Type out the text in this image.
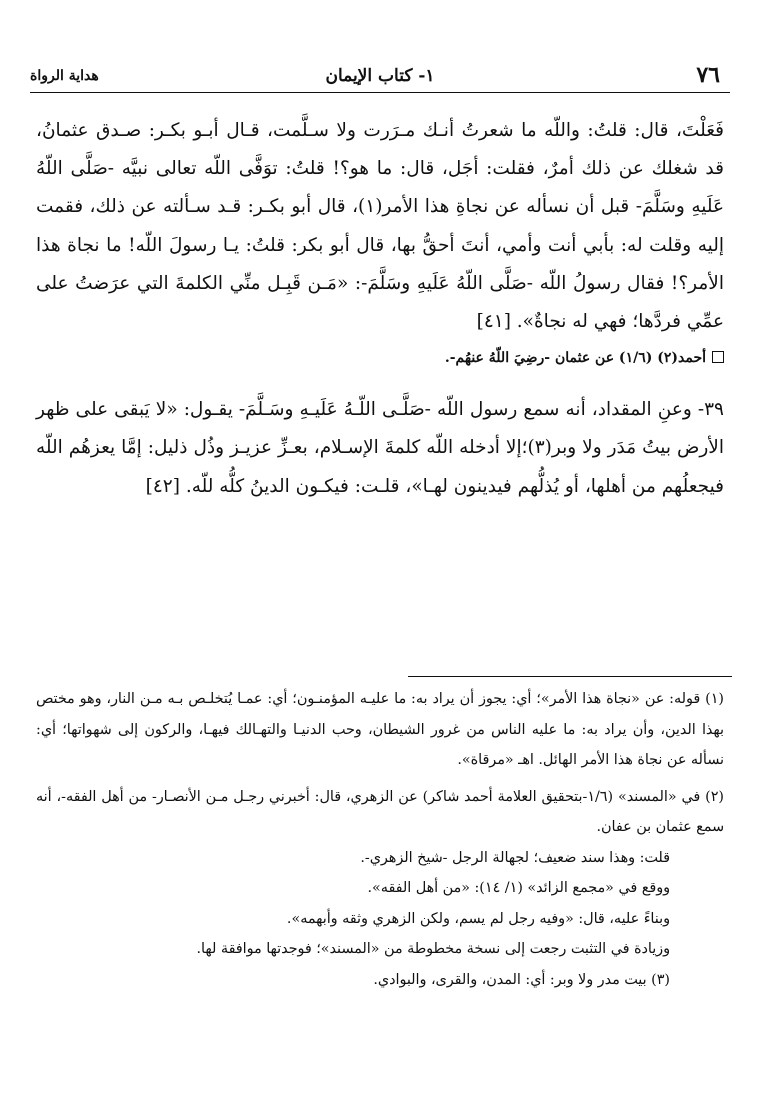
٧٦
١- كتاب الإيمان
هداية الرواة

فَعَلْتَ، قال: قلتُ: واللّه ما شعرتُ أنـك مـرَرت ولا سـلَّمت، قـال أبـو بكـر: صـدق عثمانُ، قد شغلك عن ذلك أمرٌ، فقلت: أجَل، قال: ما هو؟! قلتُ: توَفَّى اللّه تعالى نبيَّه -صَلَّى اللّهُ عَلَيهِ وسَلَّمَ- قبل أن نسأله عن نجاةِ هذا الأمر(١)، قال أبو بكـر: قـد سـألته عن ذلك، فقمت إليه وقلت له: بأبي أنت وأمي، أنتَ أحقُّ بها، قال أبو بكر: قلتُ: يـا رسولَ اللّه! ما نجاة هذا الأمر؟! فقال رسولُ اللّه -صَلَّى اللّهُ عَلَيهِ وسَلَّمَ-: «مَـن قَبِـل منِّي الكلمةَ التي عرَضتُ على عمِّي فردَّها؛ فهي له نجاةٌ». [٤١]

أحمد(٢) (١/٦) عن عثمان -رضِيَ اللّهُ عنهُم-.

٣٩- وعنِ المقداد، أنه سمع رسول اللّه -صَلَّـى اللّـهُ عَلَيـهِ وسَـلَّمَ- يقـول: «لا يَبقى على ظهر الأرض بيتُ مَدَر ولا وبر(٣)؛إلا أدخله اللّه كلمةَ الإسـلام، بعـزِّ عزيـز وذُل ذليل: إمَّا يعزهُم اللّه فيجعلُهم من أهلها، أو يُذلُّهم فيدينون لهـا»، قلـت: فيكـون الدينُ كلُّه للّه. [٤٢]

(١) قوله: عن «نجاة هذا الأمر»؛ أي: يجوز أن يراد به: ما عليـه المؤمنـون؛ أي: عمـا يُتخلـص بـه مـن النار، وهو مختص بهذا الدين، وأن يراد به: ما عليه الناس من غرور الشيطان، وحب الدنيـا والتهـالك فيهـا، والركون إلى شهواتها؛ أي: نسأله عن نجاة هذا الأمر الهائل. اهـ «مرقاة».

(٢) في «المسند» (١/٦-بتحقيق العلامة أحمد شاكر) عن الزهري، قال: أخبرني رجـل مـن الأنصـار- من أهل الفقه-، أنه سمع عثمان بن عفان.

قلت: وهذا سند ضعيف؛ لجهالة الرجل -شيخ الزهري-.

ووقع في «مجمع الزائد» (١/ ١٤): «من أهل الفقه».

وبناءً عليه، قال: «وفيه رجل لم يسم، ولكن الزهري وثقه وأبهمه».

وزيادة في التثبت رجعت إلى نسخة مخطوطة من «المسند»؛ فوجدتها موافقة لها.

(٣) بيت مدر ولا وبر: أي: المدن، والقرى، والبوادي.
